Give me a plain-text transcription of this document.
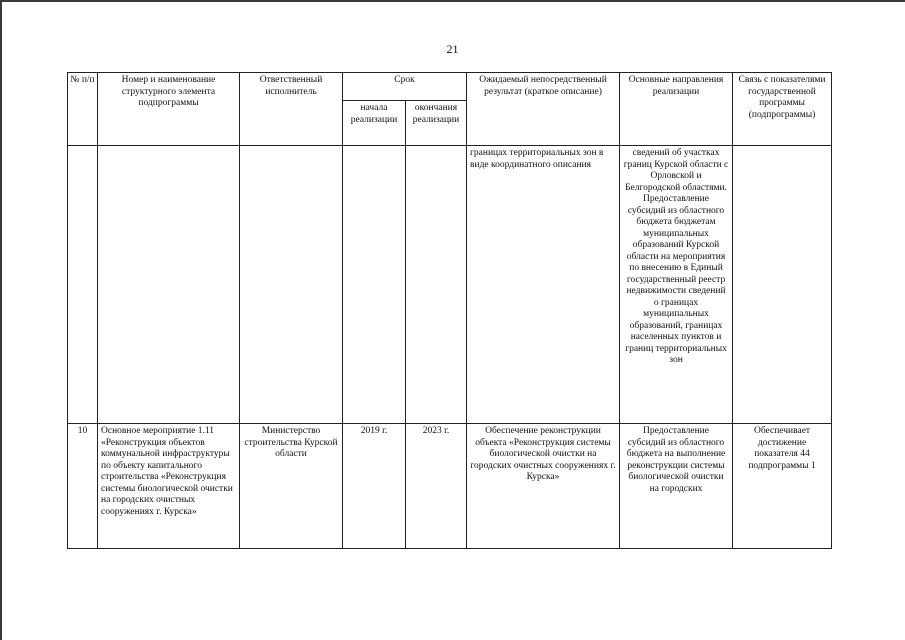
21
№ п/п	Номер и наименование структурного элемента подпрограммы	Ответственный исполнитель	Срок		Ожидаемый непосредственный результат (краткое описание)	Основные направления реализации	Связь с показателями государственной программы (подпрограммы)
			начала реализации	окончания реализации			
					границах территориальных зон в виде координатного описания	сведений об участках границ Курской области с Орловской и Белгородской областями. Предоставление субсидий из областного бюджета бюджетам муниципальных образований Курской области на мероприятия по внесению в Единый государственный реестр недвижимости сведений о границах муниципальных образований, границах населенных пунктов и границ территориальных зон	
10	Основное мероприятие 1.11 «Реконструкция объектов коммунальной инфраструктуры по объекту капитального строительства «Реконструкция системы биологической очистки на городских очистных сооружениях г. Курска»	Министерство строительства Курской области	2019 г.	2023 г.	Обеспечение реконструкции объекта «Реконструкция системы биологической очистки на городских очистных сооружениях г. Курска»	Предоставление субсидий из областного бюджета на выполнение реконструкции системы биологической очистки на городских	Обеспечивает достижение показателя 44 подпрограммы 1
